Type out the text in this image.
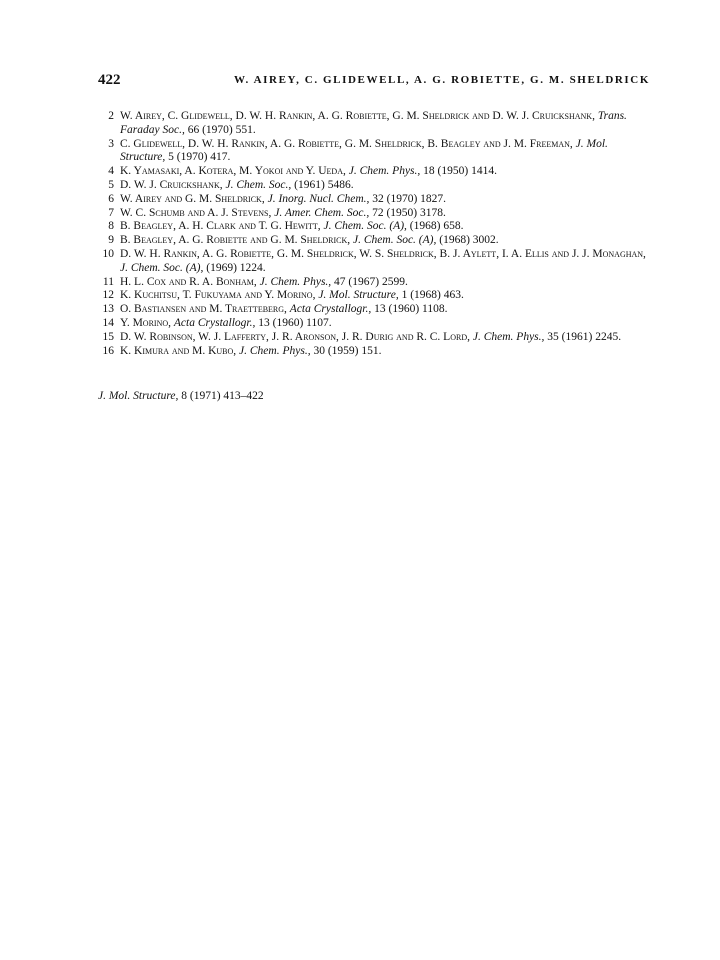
422	W. AIREY, C. GLIDEWELL, A. G. ROBIETTE, G. M. SHELDRICK
2 W. Airey, C. Glidewell, D. W. H. Rankin, A. G. Robiette, G. M. Sheldrick and D. W. J. Cruickshank, Trans. Faraday Soc., 66 (1970) 551.
3 C. Glidewell, D. W. H. Rankin, A. G. Robiette, G. M. Sheldrick, B. Beagley and J. M. Freeman, J. Mol. Structure, 5 (1970) 417.
4 K. Yamasaki, A. Kotera, M. Yokoi and Y. Ueda, J. Chem. Phys., 18 (1950) 1414.
5 D. W. J. Cruickshank, J. Chem. Soc., (1961) 5486.
6 W. Airey and G. M. Sheldrick, J. Inorg. Nucl. Chem., 32 (1970) 1827.
7 W. C. Schumb and A. J. Stevens, J. Amer. Chem. Soc., 72 (1950) 3178.
8 B. Beagley, A. H. Clark and T. G. Hewitt, J. Chem. Soc. (A), (1968) 658.
9 B. Beagley, A. G. Robiette and G. M. Sheldrick, J. Chem. Soc. (A), (1968) 3002.
10 D. W. H. Rankin, A. G. Robiette, G. M. Sheldrick, W. S. Sheldrick, B. J. Aylett, I. A. Ellis and J. J. Monaghan, J. Chem. Soc. (A), (1969) 1224.
11 H. L. Cox and R. A. Bonham, J. Chem. Phys., 47 (1967) 2599.
12 K. Kuchitsu, T. Fukuyama and Y. Morino, J. Mol. Structure, 1 (1968) 463.
13 O. Bastiansen and M. Traetteberg, Acta Crystallogr., 13 (1960) 1108.
14 Y. Morino, Acta Crystallogr., 13 (1960) 1107.
15 D. W. Robinson, W. J. Lafferty, J. R. Aronson, J. R. Durig and R. C. Lord, J. Chem. Phys., 35 (1961) 2245.
16 K. Kimura and M. Kubo, J. Chem. Phys., 30 (1959) 151.
J. Mol. Structure, 8 (1971) 413–422
